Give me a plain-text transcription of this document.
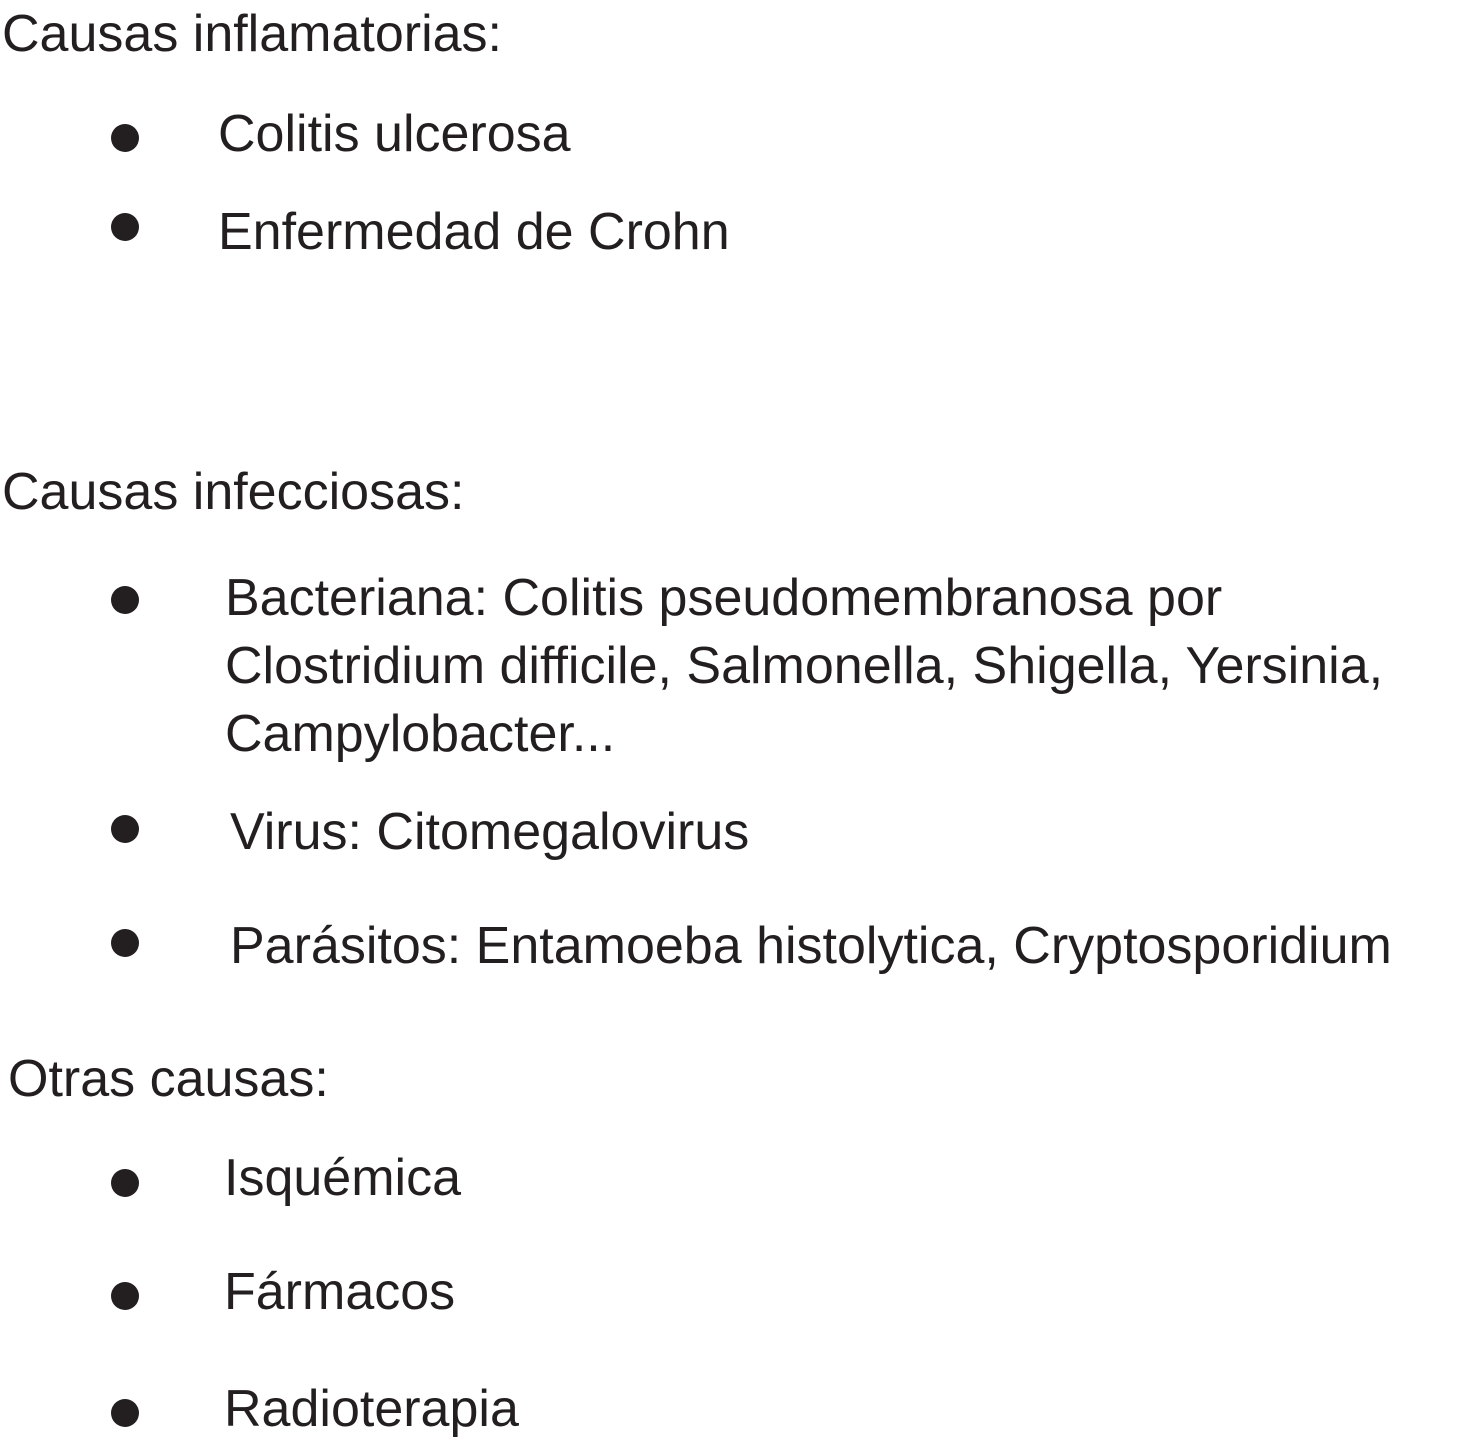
Causas inflamatorias:
Colitis ulcerosa
Enfermedad de Crohn
Causas infecciosas:
Bacteriana: Colitis pseudomembranosa por
Clostridium difficile, Salmonella, Shigella, Yersinia,
Campylobacter...
Virus: Citomegalovirus
Parásitos: Entamoeba histolytica, Cryptosporidium
Otras causas:
Isquémica
Fármacos
Radioterapia
